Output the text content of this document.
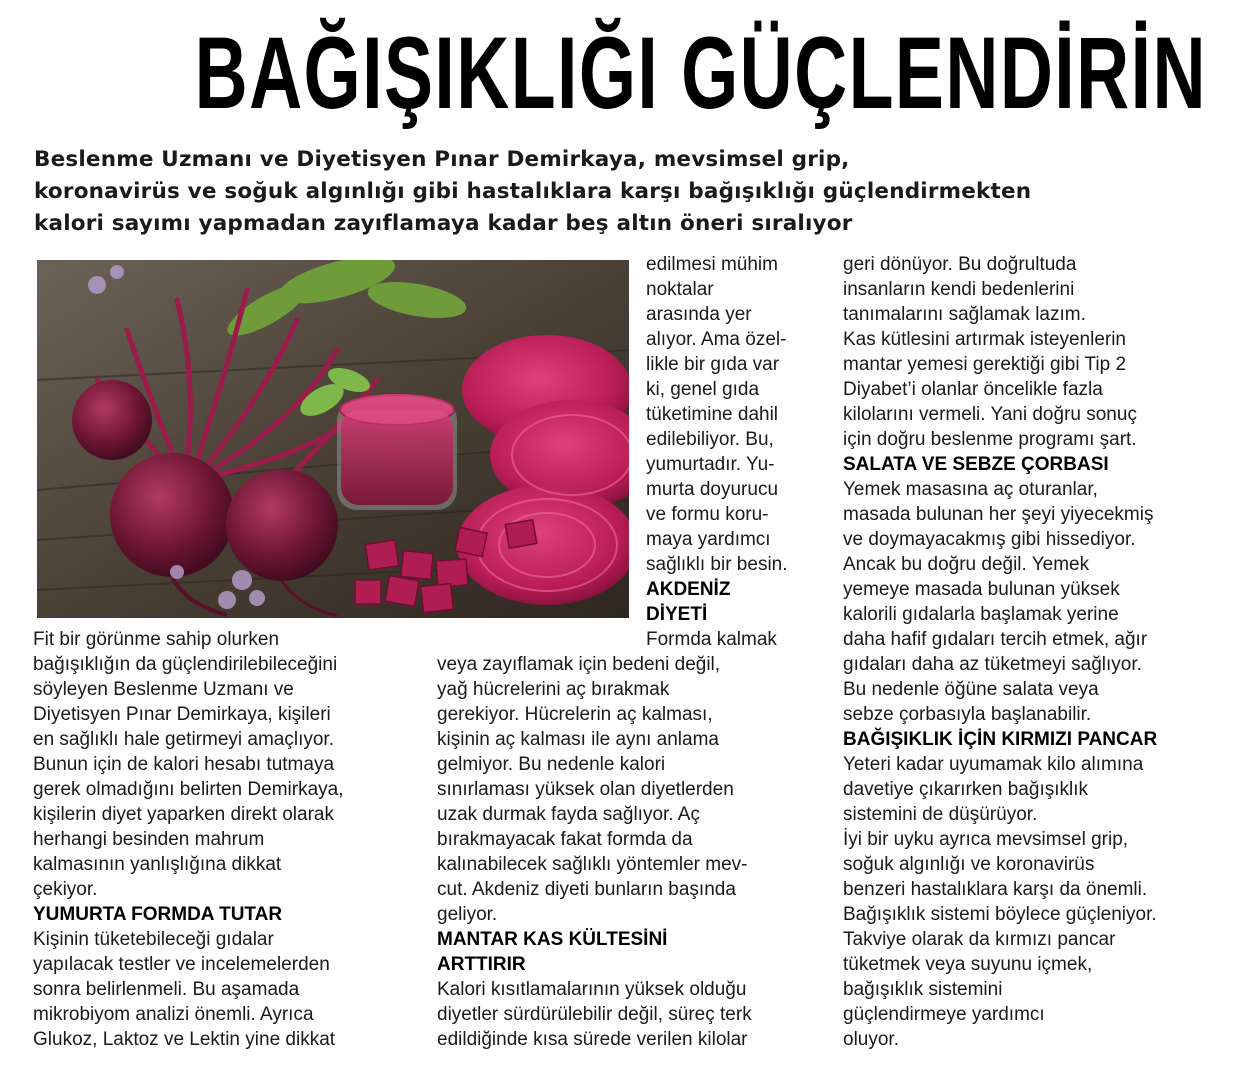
BAĞIŞIKLIĞI GÜÇLENDİRİN

Beslenme Uzmanı ve Diyetisyen Pınar Demirkaya, mevsimsel grip,
koronavirüs ve soğuk algınlığı gibi hastalıklara karşı bağışıklığı güçlendirmekten
kalori sayımı yapmadan zayıflamaya kadar beş altın öneri sıralıyor

edilmesi mühim
noktalar
arasında yer
alıyor. Ama özel-
likle bir gıda var
ki, genel gıda
tüketimine dahil
edilebiliyor. Bu,
yumurtadır. Yu-
murta doyurucu
ve formu koru-
maya yardımcı
sağlıklı bir besin.
AKDENİZ
DİYETİ
Formda kalmak
Fit bir görünme sahip olurken
bağışıklığın da güçlendirilebileceğini
söyleyen Beslenme Uzmanı ve
Diyetisyen Pınar Demirkaya, kişileri
en sağlıklı hale getirmeyi amaçlıyor.
Bunun için de kalori hesabı tutmaya
gerek olmadığını belirten Demirkaya,
kişilerin diyet yaparken direkt olarak
herhangi besinden mahrum
kalmasının yanlışlığına dikkat
çekiyor.
YUMURTA FORMDA TUTAR
Kişinin tüketebileceği gıdalar
yapılacak testler ve incelemelerden
sonra belirlenmeli. Bu aşamada
mikrobiyom analizi önemli. Ayrıca
Glukoz, Laktoz ve Lektin yine dikkat
veya zayıflamak için bedeni değil,
yağ hücrelerini aç bırakmak
gerekiyor. Hücrelerin aç kalması,
kişinin aç kalması ile aynı anlama
gelmiyor. Bu nedenle kalori
sınırlaması yüksek olan diyetlerden
uzak durmak fayda sağlıyor. Aç
bırakmayacak fakat formda da
kalınabilecek sağlıklı yöntemler mev-
cut. Akdeniz diyeti bunların başında
geliyor.
MANTAR KAS KÜLTESİNİ
ARTTIRIR
Kalori kısıtlamalarının yüksek olduğu
diyetler sürdürülebilir değil, süreç terk
edildiğinde kısa sürede verilen kilolar
geri dönüyor. Bu doğrultuda
insanların kendi bedenlerini
tanımalarını sağlamak lazım.
Kas kütlesini artırmak isteyenlerin
mantar yemesi gerektiği gibi Tip 2
Diyabet’i olanlar öncelikle fazla
kilolarını vermeli. Yani doğru sonuç
için doğru beslenme programı şart.
SALATA VE SEBZE ÇORBASI
Yemek masasına aç oturanlar,
masada bulunan her şeyi yiyecekmiş
ve doymayacakmış gibi hissediyor.
Ancak bu doğru değil. Yemek
yemeye masada bulunan yüksek
kalorili gıdalarla başlamak yerine
daha hafif gıdaları tercih etmek, ağır
gıdaları daha az tüketmeyi sağlıyor.
Bu nedenle öğüne salata veya
sebze çorbasıyla başlanabilir.
BAĞIŞIKLIK İÇİN KIRMIZI PANCAR
Yeteri kadar uyumamak kilo alımına
davetiye çıkarırken bağışıklık
sistemini de düşürüyor.
İyi bir uyku ayrıca mevsimsel grip,
soğuk algınlığı ve koronavirüs
benzeri hastalıklara karşı da önemli.
Bağışıklık sistemi böylece güçleniyor.
Takviye olarak da kırmızı pancar
tüketmek veya suyunu içmek,
bağışıklık sistemini
güçlendirmeye yardımcı
oluyor.
